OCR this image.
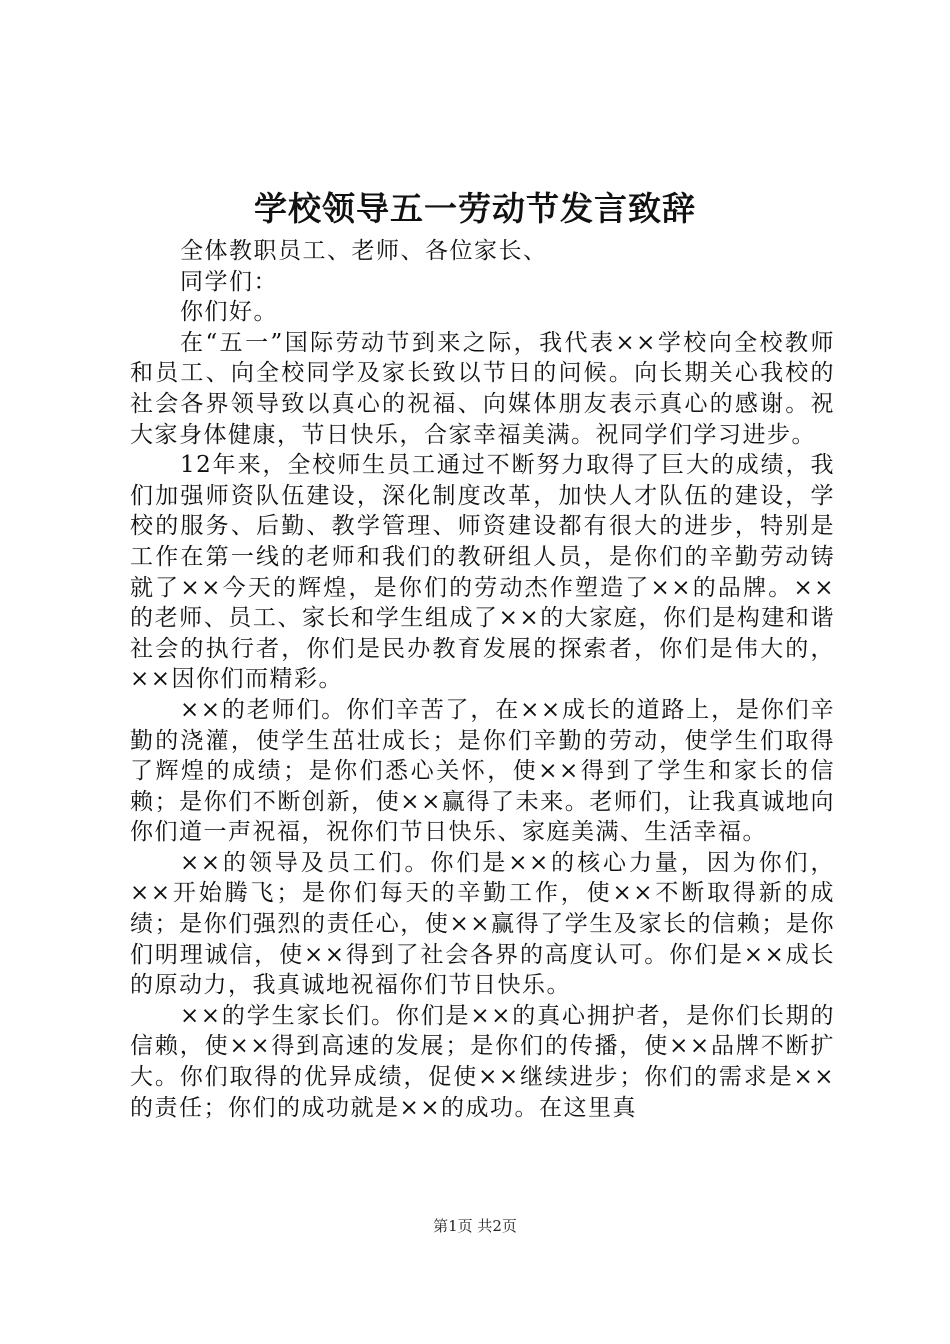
学校领导五一劳动节发言致辞

全体教职员工、老师、各位家长、

同学们：

你们好。

在“五一”国际劳动节到来之际，我代表××学校向全校教师和员工、向全校同学及家长致以节日的问候。向长期关心我校的社会各界领导致以真心的祝福、向媒体朋友表示真心的感谢。祝大家身体健康，节日快乐，合家幸福美满。祝同学们学习进步。

12年来，全校师生员工通过不断努力取得了巨大的成绩，我们加强师资队伍建设，深化制度改革，加快人才队伍的建设，学校的服务、后勤、教学管理、师资建设都有很大的进步，特别是工作在第一线的老师和我们的教研组人员，是你们的辛勤劳动铸就了××今天的辉煌，是你们的劳动杰作塑造了××的品牌。××的老师、员工、家长和学生组成了××的大家庭，你们是构建和谐社会的执行者，你们是民办教育发展的探索者，你们是伟大的，××因你们而精彩。

××的老师们。你们辛苦了，在××成长的道路上，是你们辛勤的浇灌，使学生茁壮成长；是你们辛勤的劳动，使学生们取得了辉煌的成绩；是你们悉心关怀，使××得到了学生和家长的信赖；是你们不断创新，使××赢得了未来。老师们，让我真诚地向你们道一声祝福，祝你们节日快乐、家庭美满、生活幸福。

××的领导及员工们。你们是××的核心力量，因为你们，××开始腾飞；是你们每天的辛勤工作，使××不断取得新的成绩；是你们强烈的责任心，使××赢得了学生及家长的信赖；是你们明理诚信，使××得到了社会各界的高度认可。你们是××成长的原动力，我真诚地祝福你们节日快乐。

××的学生家长们。你们是××的真心拥护者，是你们长期的信赖，使××得到高速的发展；是你们的传播，使××品牌不断扩大。你们取得的优异成绩，促使××继续进步；你们的需求是××的责任；你们的成功就是××的成功。在这里真

第1页 共2页
